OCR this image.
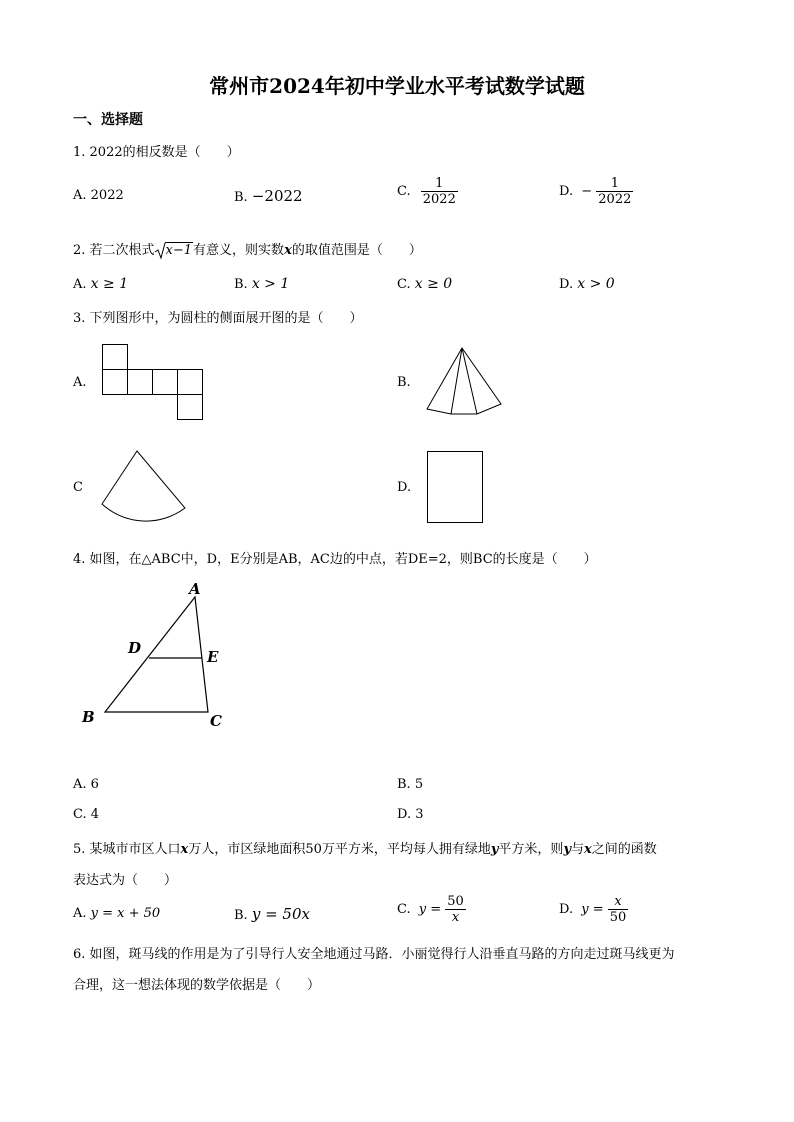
常州市2024年初中学业水平考试数学试题
一、选择题
1. 2022的相反数是（　　）
A. 2022	B. −2022	C. $\frac{1}{2022}$	D. − $\frac{1}{2022}$
2. 若二次根式 x−1有意义，则实数x的取值范围是（　　）
A. x ≥ 1	B. x > 1	C. x ≥ 0	D. x > 0
3. 下列图形中，为圆柱的侧面展开图的是（　　）
A.	B.
C	D.
4. 如图，在△ABC中，D，E分别是AB，AC边的中点，若DE=2，则BC的长度是（　　）
A
D	E
B	C
A. 6	B. 5
C. 4	D. 3
5. 某城市市区人口x万人，市区绿地面积50万平方米，平均每人拥有绿地y平方米，则y与x之间的函数
表达式为（　　）
A. y = x + 50	B. y = 50x	C. $y = \frac{50}{x}$	D. $y = \frac{x}{50}$
6. 如图，斑马线的作用是为了引导行人安全地通过马路．小丽觉得行人沿垂直马路的方向走过斑马线更为
合理，这一想法体现的数学依据是（　　）
